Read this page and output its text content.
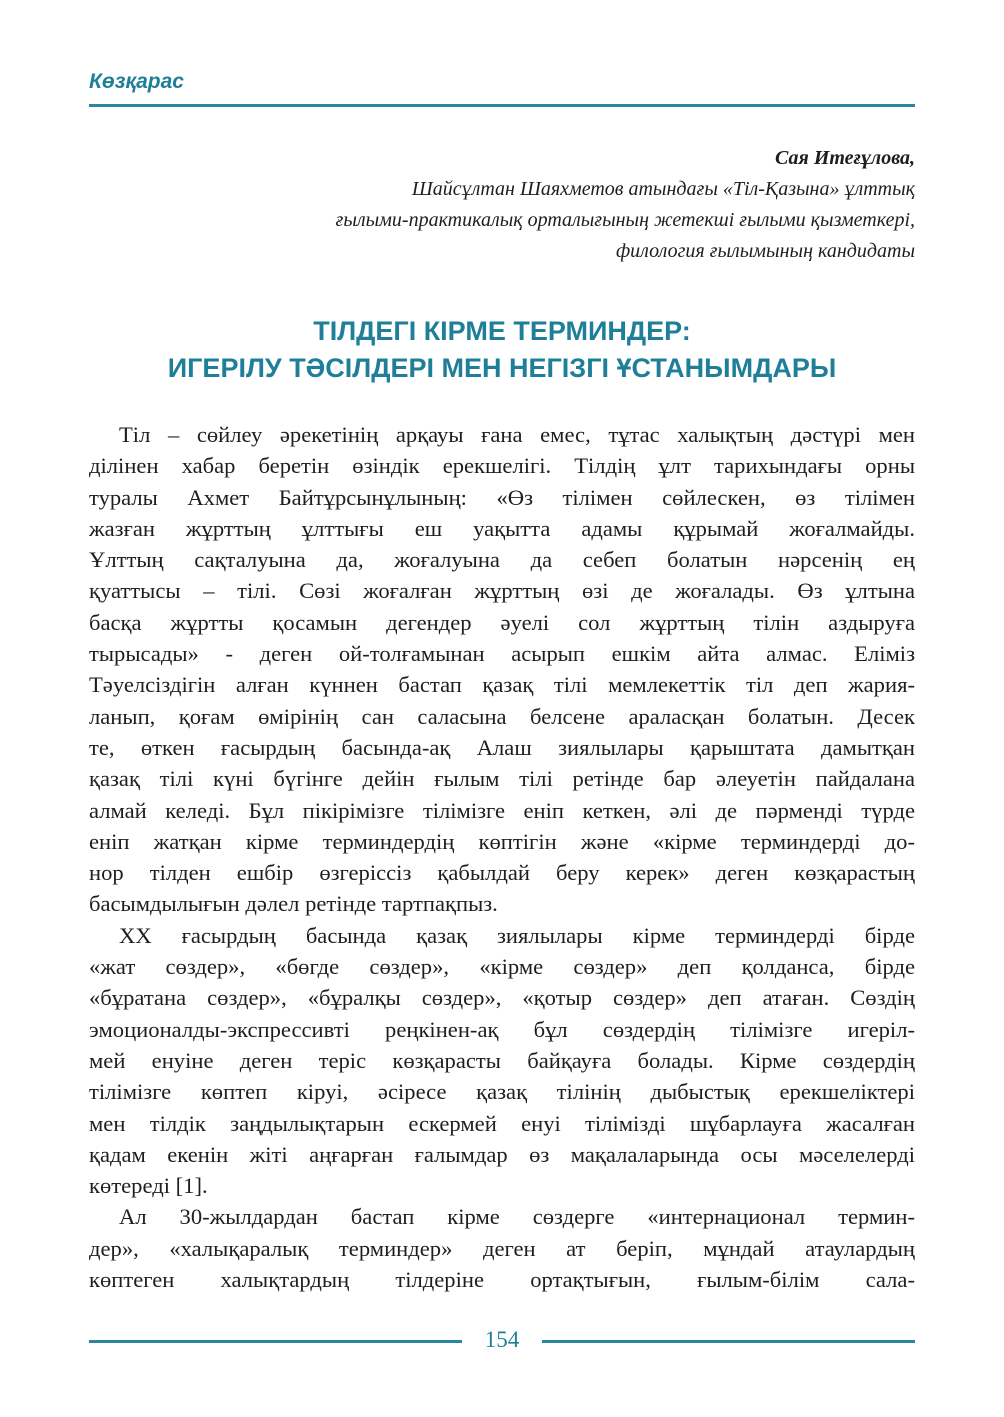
Көзқарас
Сая Итеғұлова,
Шайсұлтан Шаяхметов атындағы «Тіл-Қазына» ұлттық
ғылыми-практикалық орталығының жетекші ғылыми қызметкері,
филология ғылымының кандидаты
ТІЛДЕГІ КІРМЕ ТЕРМИНДЕР:
ИГЕРІЛУ ТӘСІЛДЕРІ МЕН НЕГІЗГІ ҰСТАНЫМДАРЫ

Тіл – сөйлеу әрекетінің арқауы ғана емес, тұтас халықтың дәстүрі мен
ділінен хабар беретін өзіндік ерекшелігі. Тілдің ұлт тарихындағы орны
туралы Ахмет Байтұрсынұлының: «Өз тілімен сөйлескен, өз тілімен
жазған жұрттың ұлттығы еш уақытта адамы құрымай жоғалмайды.
Ұлттың сақталуына да, жоғалуына да себеп болатын нәрсенің ең
қуаттысы – тілі. Сөзі жоғалған жұрттың өзі де жоғалады. Өз ұлтына
басқа жұртты қосамын дегендер әуелі сол жұрттың тілін аздыруға
тырысады» - деген ой-толғамынан асырып ешкім айта алмас. Еліміз
Тәуелсіздігін алған күннен бастап қазақ тілі мемлекеттік тіл деп жария-
ланып, қоғам өмірінің сан саласына белсене араласқан болатын. Десек
те, өткен ғасырдың басында-ақ Алаш зиялылары қарыштата дамытқан
қазақ тілі күні бүгінге дейін ғылым тілі ретінде бар әлеуетін пайдалана
алмай келеді. Бұл пікірімізге тілімізге еніп кеткен, әлі де пәрменді түрде
еніп жатқан кірме терминдердің көптігін және «кірме терминдерді до-
нор тілден ешбір өзгеріссіз қабылдай беру керек» деген көзқарастың
басымдылығын дәлел ретінде тартпақпыз.

ХХ ғасырдың басында қазақ зиялылары кірме терминдерді бірде
«жат сөздер», «бөгде сөздер», «кірме сөздер» деп қолданса, бірде
«бұратана сөздер», «бұралқы сөздер», «қотыр сөздер» деп атаған. Сөздің
эмоционалды-экспрессивті реңкінен-ақ бұл сөздердің тілімізге игеріл-
мей енуіне деген теріс көзқарасты байқауға болады. Кірме сөздердің
тілімізге көптеп кіруі, әсіресе қазақ тілінің дыбыстық ерекшеліктері
мен тілдік заңдылықтарын ескермей енуі тілімізді шұбарлауға жасалған
қадам екенін жіті аңғарған ғалымдар өз мақалаларында осы мәселелерді
көтереді [1].

Ал 30-жылдардан бастап кірме сөздерге «интернационал термин-
дер», «халықаралық терминдер» деген ат беріп, мұндай атаулардың
көптеген халықтардың тілдеріне ортақтығын, ғылым-білім сала-

154
